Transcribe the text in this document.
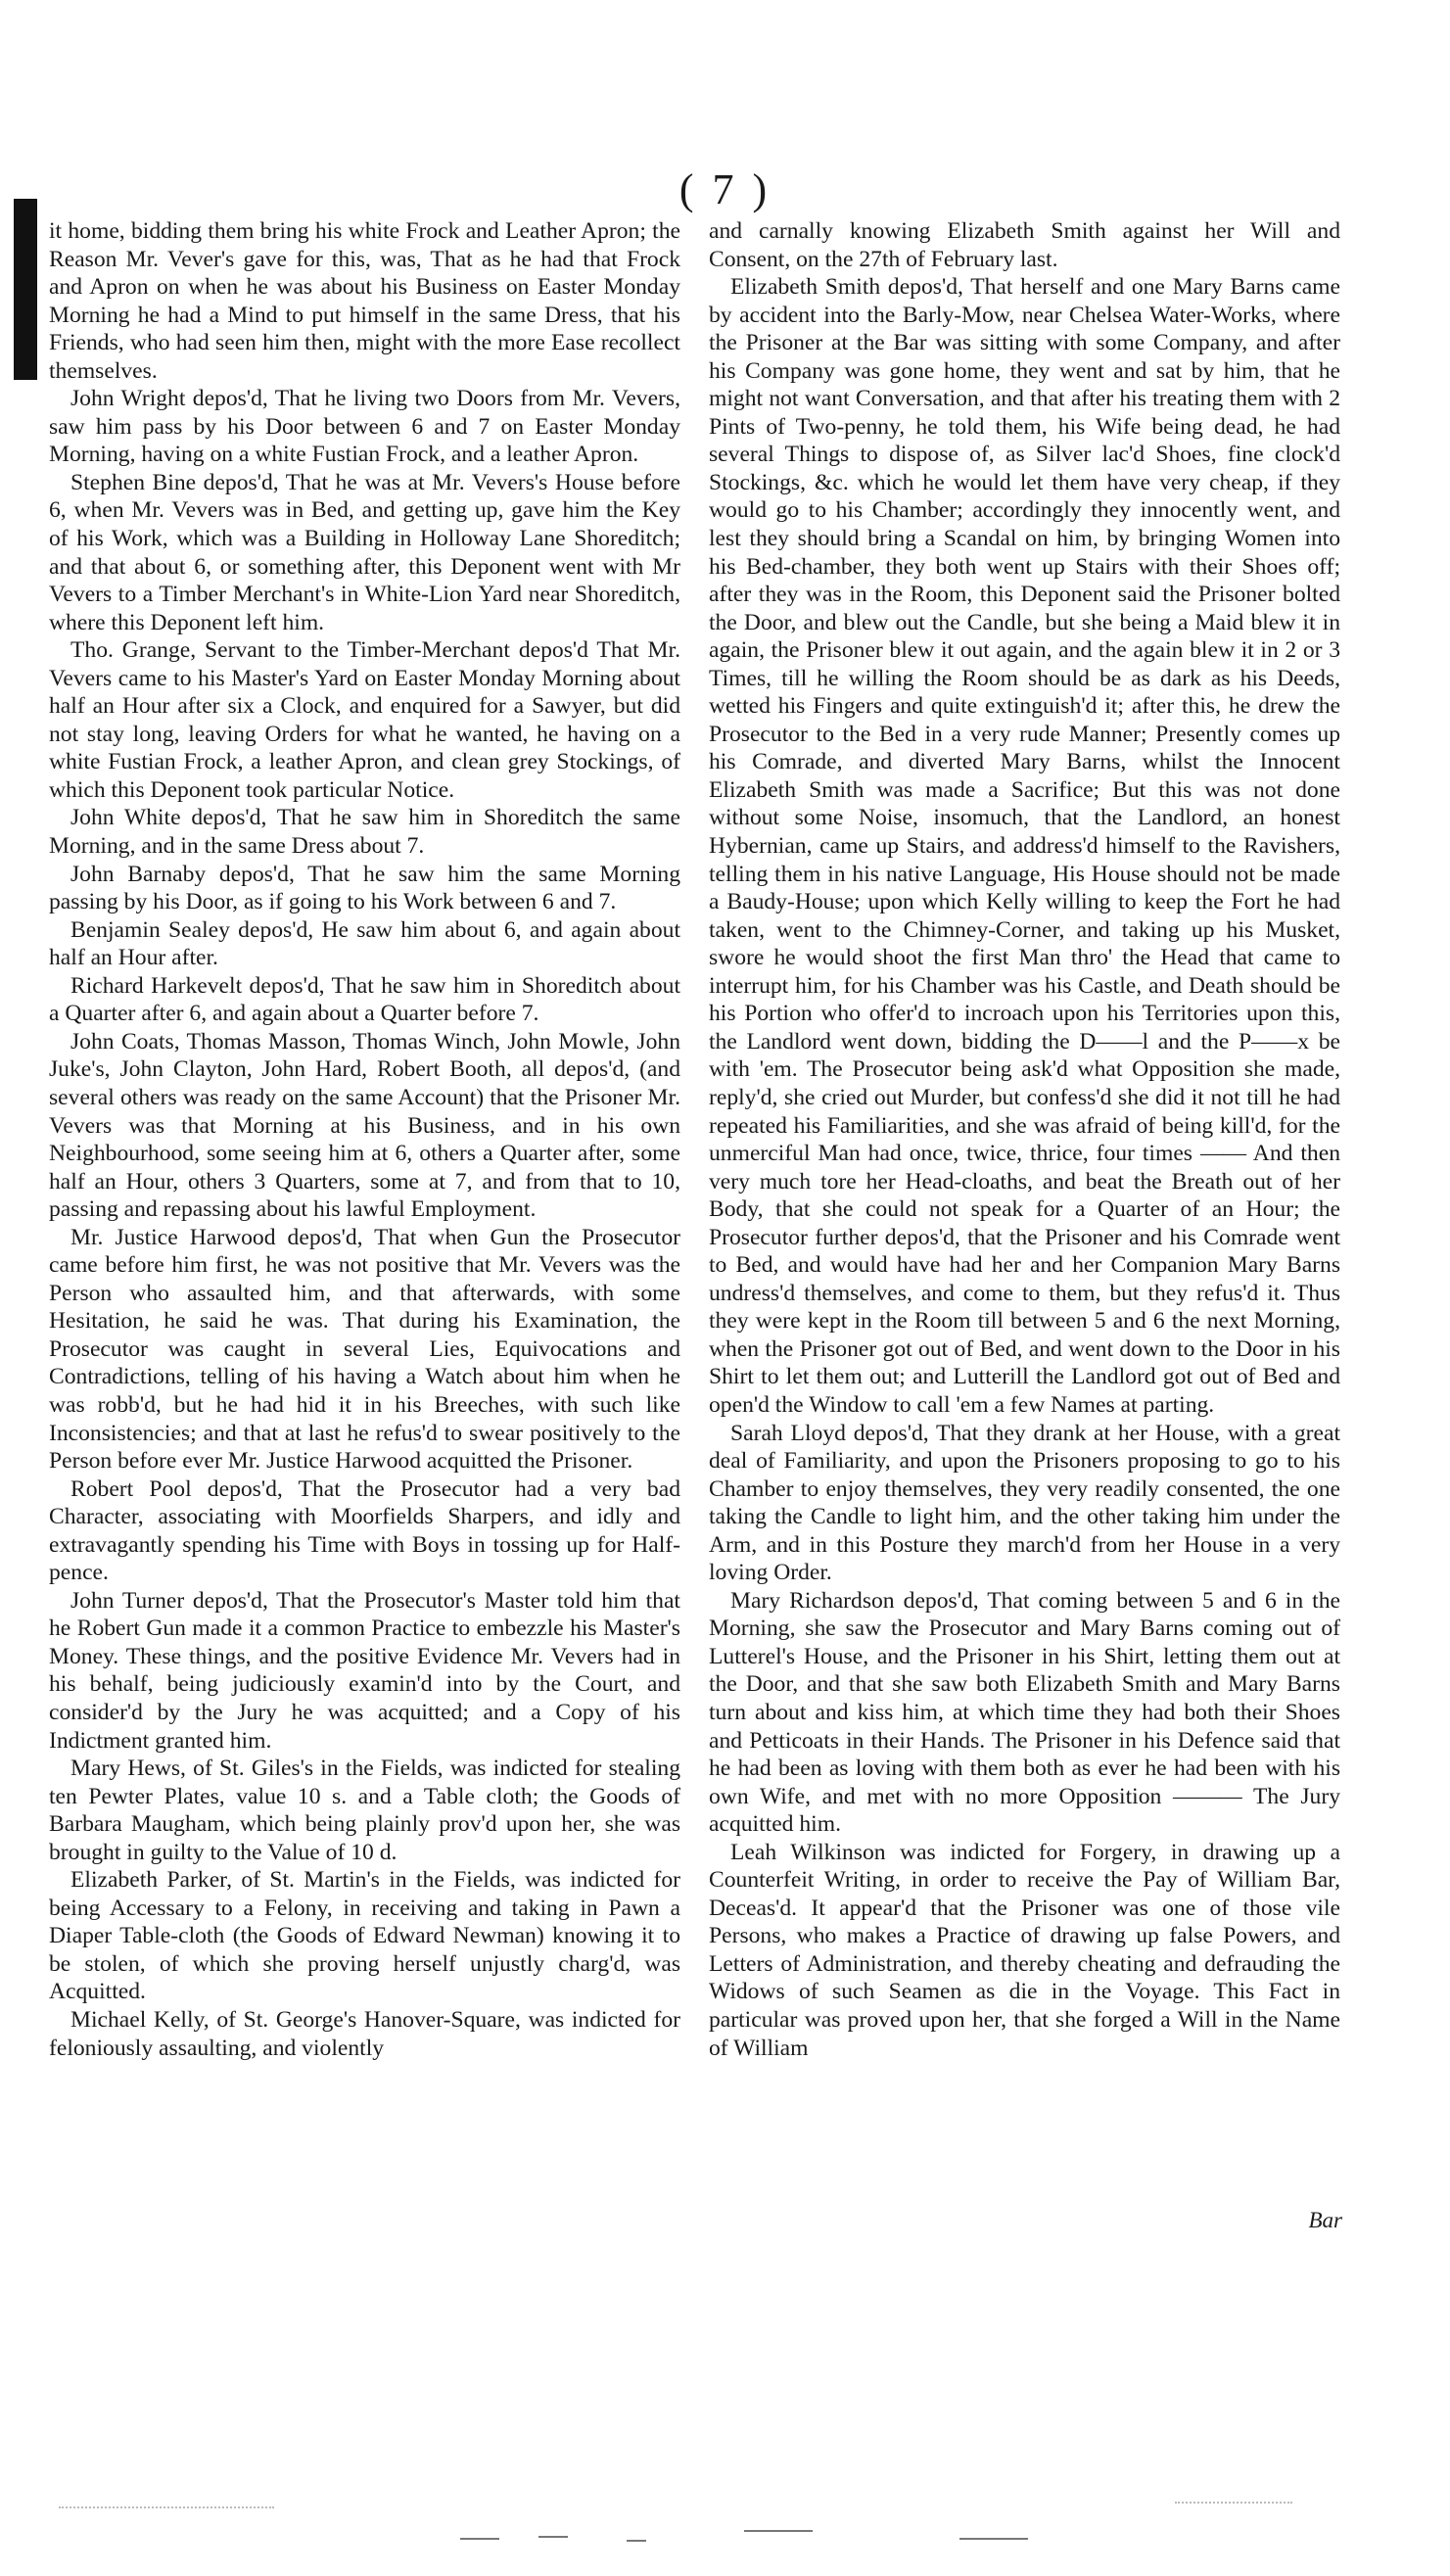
( 7 )

it home, bidding them bring his white Frock and Leather Apron; the Reason Mr. Vever's gave for this, was, That as he had that Frock and Apron on when he was about his Business on Easter Monday Morning he had a Mind to put himself in the same Dress, that his Friends, who had seen him then, might with the more Ease recollect themselves.

John Wright depos'd, That he living two Doors from Mr. Vevers, saw him pass by his Door between 6 and 7 on Easter Monday Morning, having on a white Fustian Frock, and a leather Apron.

Stephen Bine depos'd, That he was at Mr. Vevers's House before 6, when Mr. Vevers was in Bed, and getting up, gave him the Key of his Work, which was a Building in Holloway Lane Shoreditch; and that about 6, or something after, this Deponent went with Mr Vevers to a Timber Merchant's in White-Lion Yard near Shoreditch, where this Deponent left him.

Tho. Grange, Servant to the Timber-Merchant depos'd That Mr. Vevers came to his Master's Yard on Easter Monday Morning about half an Hour after six a Clock, and enquired for a Sawyer, but did not stay long, leaving Orders for what he wanted, he having on a white Fustian Frock, a leather Apron, and clean grey Stockings, of which this Deponent took particular Notice.

John White depos'd, That he saw him in Shoreditch the same Morning, and in the same Dress about 7.

John Barnaby depos'd, That he saw him the same Morning passing by his Door, as if going to his Work between 6 and 7.

Benjamin Sealey depos'd, He saw him about 6, and again about half an Hour after.

Richard Harkevelt depos'd, That he saw him in Shoreditch about a Quarter after 6, and again about a Quarter before 7.

John Coats, Thomas Masson, Thomas Winch, John Mowle, John Juke's, John Clayton, John Hard, Robert Booth, all depos'd, (and several others was ready on the same Account) that the Prisoner Mr. Vevers was that Morning at his Business, and in his own Neighbourhood, some seeing him at 6, others a Quarter after, some half an Hour, others 3 Quarters, some at 7, and from that to 10, passing and repassing about his lawful Employment.

Mr. Justice Harwood depos'd, That when Gun the Prosecutor came before him first, he was not positive that Mr. Vevers was the Person who assaulted him, and that afterwards, with some Hesitation, he said he was. That during his Examination, the Prosecutor was caught in several Lies, Equivocations and Contradictions, telling of his having a Watch about him when he was robb'd, but he had hid it in his Breeches, with such like Inconsistencies; and that at last he refus'd to swear positively to the Person before ever Mr. Justice Harwood acquitted the Prisoner.

Robert Pool depos'd, That the Prosecutor had a very bad Character, associating with Moorfields Sharpers, and idly and extravagantly spending his Time with Boys in tossing up for Half-pence.

John Turner depos'd, That the Prosecutor's Master told him that he Robert Gun made it a common Practice to embezzle his Master's Money. These things, and the positive Evidence Mr. Vevers had in his behalf, being judiciously examin'd into by the Court, and consider'd by the Jury he was acquitted; and a Copy of his Indictment granted him.

Mary Hews, of St. Giles's in the Fields, was indicted for stealing ten Pewter Plates, value 10 s. and a Table cloth; the Goods of Barbara Maugham, which being plainly prov'd upon her, she was brought in guilty to the Value of 10 d.

Elizabeth Parker, of St. Martin's in the Fields, was indicted for being Accessary to a Felony, in receiving and taking in Pawn a Diaper Table-cloth (the Goods of Edward Newman) knowing it to be stolen, of which she proving herself unjustly charg'd, was Acquitted.

Michael Kelly, of St. George's Hanover-Square, was indicted for feloniously assaulting, and violently

and carnally knowing Elizabeth Smith against her Will and Consent, on the 27th of February last.

Elizabeth Smith depos'd, That herself and one Mary Barns came by accident into the Barly-Mow, near Chelsea Water-Works, where the Prisoner at the Bar was sitting with some Company, and after his Company was gone home, they went and sat by him, that he might not want Conversation, and that after his treating them with 2 Pints of Two-penny, he told them, his Wife being dead, he had several Things to dispose of, as Silver lac'd Shoes, fine clock'd Stockings, &c. which he would let them have very cheap, if they would go to his Chamber; accordingly they innocently went, and lest they should bring a Scandal on him, by bringing Women into his Bed-chamber, they both went up Stairs with their Shoes off; after they was in the Room, this Deponent said the Prisoner bolted the Door, and blew out the Candle, but she being a Maid blew it in again, the Prisoner blew it out again, and the again blew it in 2 or 3 Times, till he willing the Room should be as dark as his Deeds, wetted his Fingers and quite extinguish'd it; after this, he drew the Prosecutor to the Bed in a very rude Manner; Presently comes up his Comrade, and diverted Mary Barns, whilst the Innocent Elizabeth Smith was made a Sacrifice; But this was not done without some Noise, insomuch, that the Landlord, an honest Hybernian, came up Stairs, and address'd himself to the Ravishers, telling them in his native Language, His House should not be made a Baudy-House; upon which Kelly willing to keep the Fort he had taken, went to the Chimney-Corner, and taking up his Musket, swore he would shoot the first Man thro' the Head that came to interrupt him, for his Chamber was his Castle, and Death should be his Portion who offer'd to incroach upon his Territories upon this, the Landlord went down, bidding the D——l and the P——x be with 'em. The Prosecutor being ask'd what Opposition she made, reply'd, she cried out Murder, but confess'd she did it not till he had repeated his Familiarities, and she was afraid of being kill'd, for the unmerciful Man had once, twice, thrice, four times —— And then very much tore her Head-cloaths, and beat the Breath out of her Body, that she could not speak for a Quarter of an Hour; the Prosecutor further depos'd, that the Prisoner and his Comrade went to Bed, and would have had her and her Companion Mary Barns undress'd themselves, and come to them, but they refus'd it. Thus they were kept in the Room till between 5 and 6 the next Morning, when the Prisoner got out of Bed, and went down to the Door in his Shirt to let them out; and Lutterill the Landlord got out of Bed and open'd the Window to call 'em a few Names at parting.

Sarah Lloyd depos'd, That they drank at her House, with a great deal of Familiarity, and upon the Prisoners proposing to go to his Chamber to enjoy themselves, they very readily consented, the one taking the Candle to light him, and the other taking him under the Arm, and in this Posture they march'd from her House in a very loving Order.

Mary Richardson depos'd, That coming between 5 and 6 in the Morning, she saw the Prosecutor and Mary Barns coming out of Lutterel's House, and the Prisoner in his Shirt, letting them out at the Door, and that she saw both Elizabeth Smith and Mary Barns turn about and kiss him, at which time they had both their Shoes and Petticoats in their Hands. The Prisoner in his Defence said that he had been as loving with them both as ever he had been with his own Wife, and met with no more Opposition ——— The Jury acquitted him.

Leah Wilkinson was indicted for Forgery, in drawing up a Counterfeit Writing, in order to receive the Pay of William Bar, Deceas'd. It appear'd that the Prisoner was one of those vile Persons, who makes a Practice of drawing up false Powers, and Letters of Administration, and thereby cheating and defrauding the Widows of such Seamen as die in the Voyage. This Fact in particular was proved upon her, that she forged a Will in the Name of William

Bar
